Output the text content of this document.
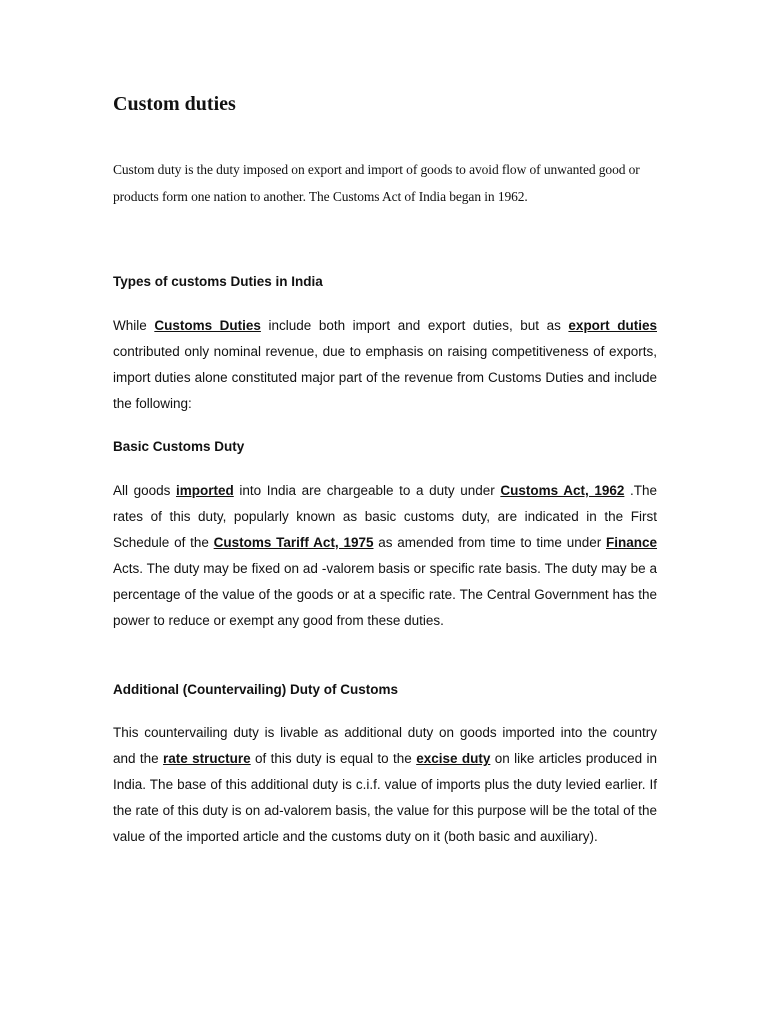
Custom duties

Custom duty is the duty imposed on export and import of goods to avoid flow of unwanted good or products form one nation to another. The Customs Act of India began in 1962.

Types of customs Duties in India

While Customs Duties include both import and export duties, but as export duties contributed only nominal revenue, due to emphasis on raising competitiveness of exports, import duties alone constituted major part of the revenue from Customs Duties and include the following:

Basic Customs Duty

All goods imported into India are chargeable to a duty under Customs Act, 1962 .The rates of this duty, popularly known as basic customs duty, are indicated in the First Schedule of the Customs Tariff Act, 1975 as amended from time to time under Finance Acts. The duty may be fixed on ad -valorem basis or specific rate basis. The duty may be a percentage of the value of the goods or at a specific rate. The Central Government has the power to reduce or exempt any good from these duties.

Additional (Countervailing) Duty of Customs

This countervailing duty is livable as additional duty on goods imported into the country and the rate structure of this duty is equal to the excise duty on like articles produced in India. The base of this additional duty is c.i.f. value of imports plus the duty levied earlier. If the rate of this duty is on ad-valorem basis, the value for this purpose will be the total of the value of the imported article and the customs duty on it (both basic and auxiliary).
